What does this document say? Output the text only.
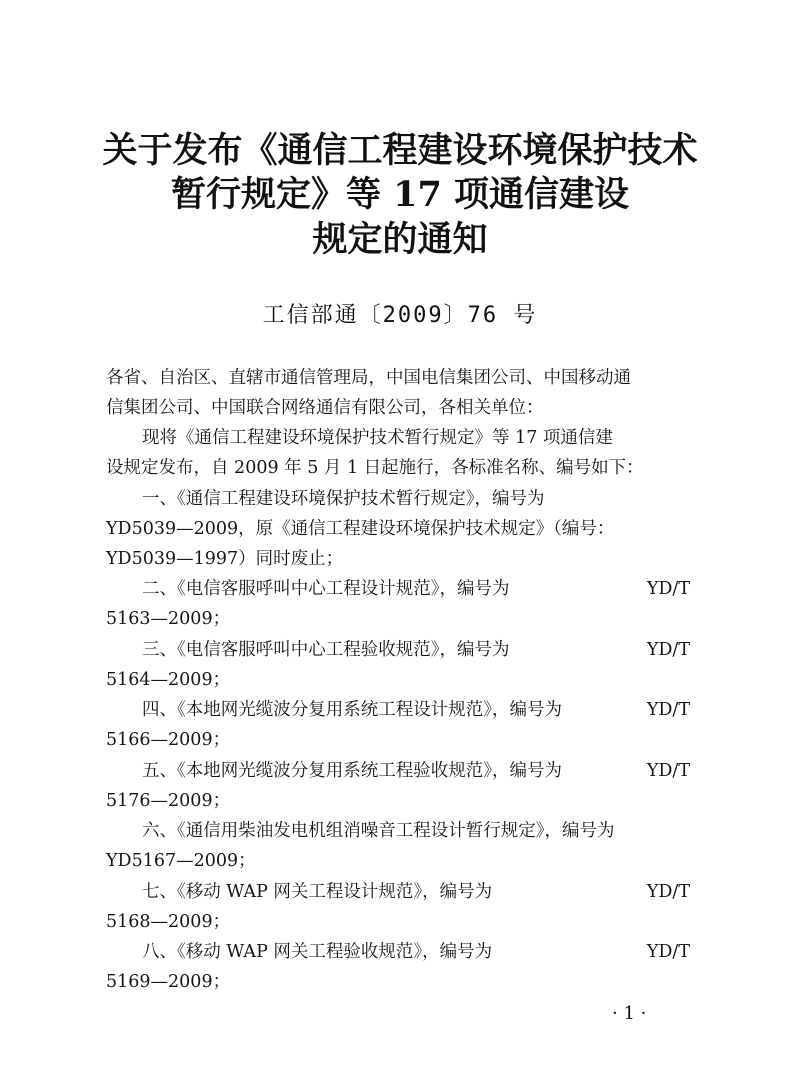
关于发布《通信工程建设环境保护技术
暂行规定》等 17 项通信建设
规定的通知
工信部通〔2009〕76 号
各省、自治区、直辖市通信管理局，中国电信集团公司、中国移动通
信集团公司、中国联合网络通信有限公司，各相关单位：
现将《通信工程建设环境保护技术暂行规定》等 17 项通信建
设规定发布，自 2009 年 5 月 1 日起施行，各标准名称、编号如下：
一、《通信工程建设环境保护技术暂行规定》，编号为
YD5039—2009，原《通信工程建设环境保护技术规定》（编号：
YD5039—1997）同时废止；
二、《电信客服呼叫中心工程设计规范》，编号为	YD/T
5163—2009；
三、《电信客服呼叫中心工程验收规范》，编号为	YD/T
5164—2009；
四、《本地网光缆波分复用系统工程设计规范》，编号为	YD/T
5166—2009；
五、《本地网光缆波分复用系统工程验收规范》，编号为	YD/T
5176—2009；
六、《通信用柴油发电机组消噪音工程设计暂行规定》，编号为
YD5167—2009；
七、《移动 WAP 网关工程设计规范》，编号为	YD/T
5168—2009；
八、《移动 WAP 网关工程验收规范》，编号为	YD/T
5169—2009；
· 1 ·
